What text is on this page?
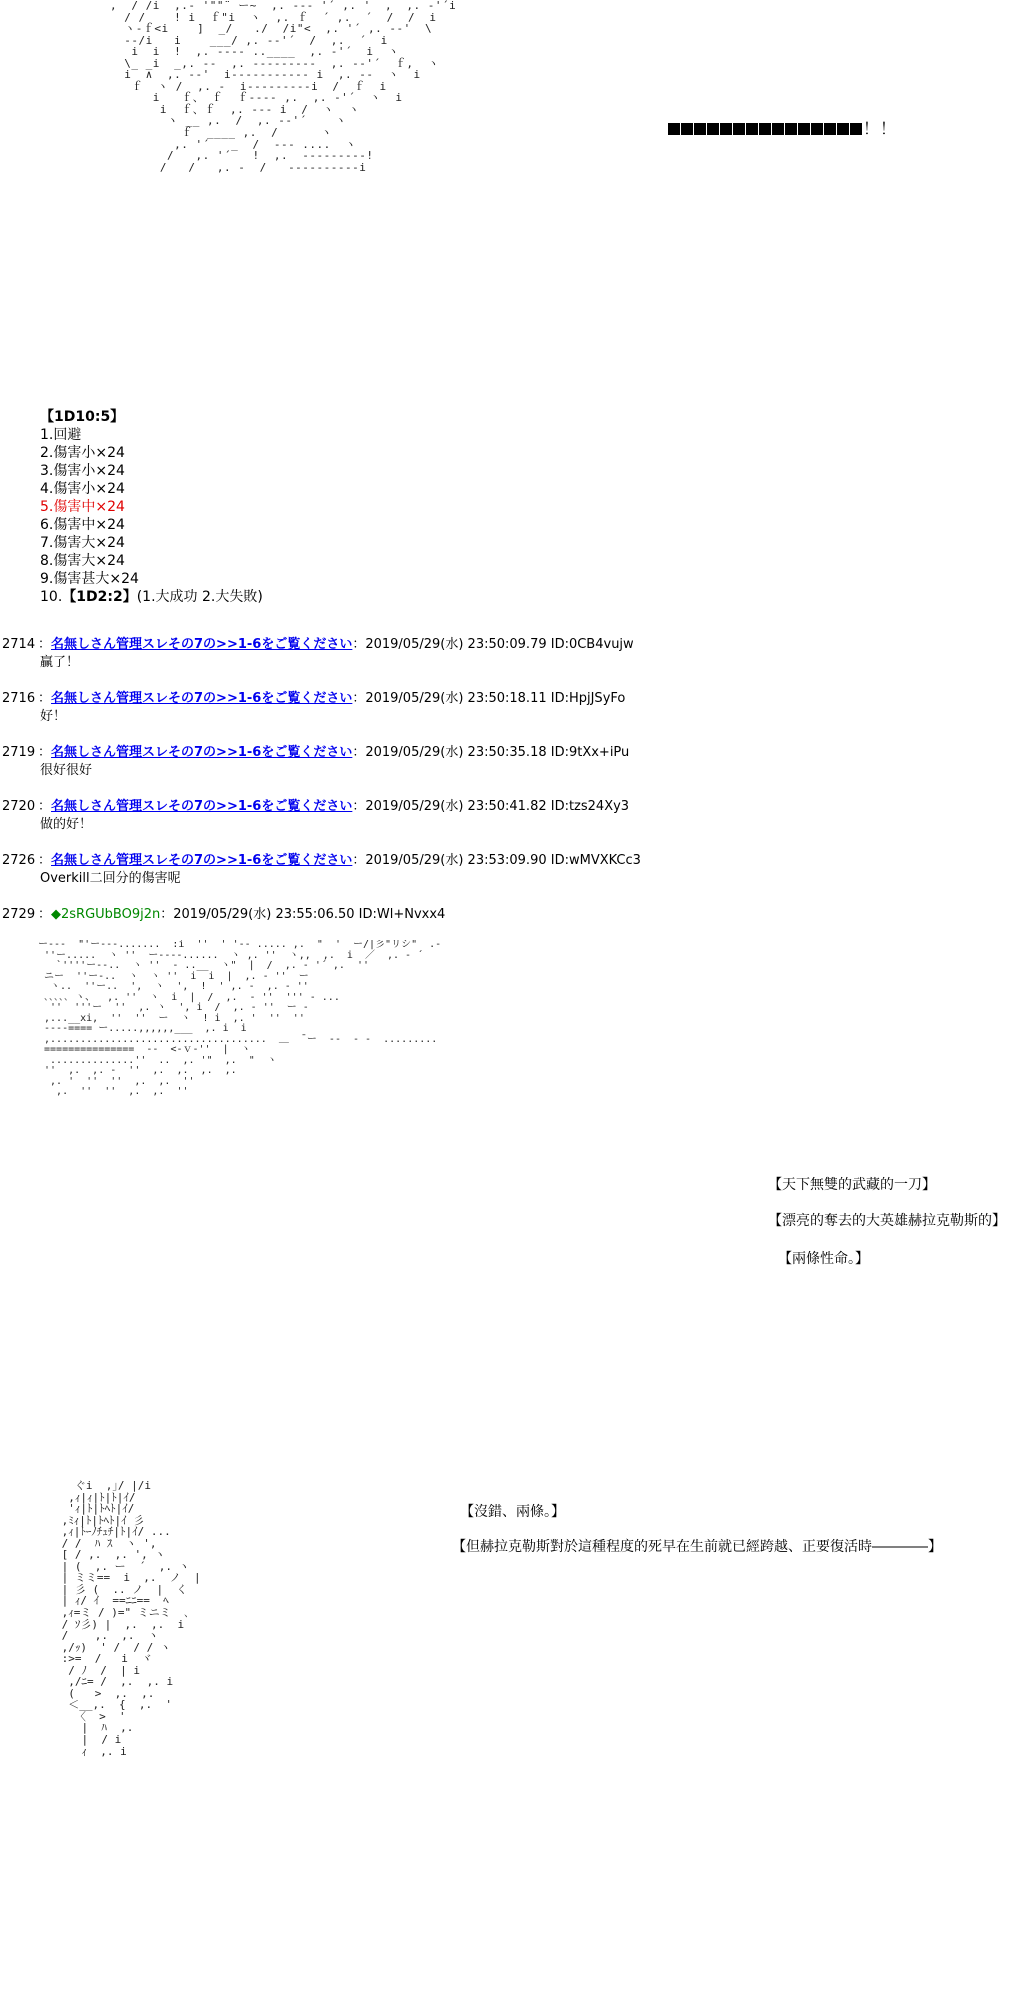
,  / /i  ,.- '""¨ ー~  ,. --‐ '´ ,. '  ,  ,. ‐'´i
/ /    ! i  ｆ"i  ヽ  ,. ｆ  ´ ,.  ´  /  /  i
ヽ-ｆ<i    ]  _/   ./  /i"<  ,. '´ ,. -‐'  \
--/i   i    ___/ ,. -‐'´  /  ,.  ´  i
i  i  !  ,. ---- ..____  ,. ‐'´  i  ヽ
\_ _i  _,. -‐  ,. ---------  ,. -‐'´  ｆ,  ヽ
i  ∧  ,. -‐'  i----------- i  ,. -‐  ヽ  i
ｆ  ヽ /  ,. ‐  i---------i  /  ｆ  i
i   ｆ、 ｆ  ｆ---- ,.  ,. -'´  ヽ  i
i  ｆ、ｆ  ,. --- i  /  ヽ  ヽ
ヽ __ ,.  /  ,. -‐'´    ヽ
ｆ  ____ ,.  /      ヽ
,. '´   _  /  --- ....  ヽ
/   ,. '´   !  ,.  ---------!
/   /   ,. ‐  /   ----------i
！！
【1D10:5】
1.回避
2.傷害小×24
3.傷害小×24
4.傷害小×24
5.傷害中×24
6.傷害中×24
7.傷害大×24
8.傷害大×24
9.傷害甚大×24
10.【1D2:2】(1.大成功 2.大失敗)
2714 ：名無しさん管理スレその7の>>1-6をご覧ください：2019/05/29(水) 23:50:09.79 ID:0CB4vujw
贏了！
2716 ：名無しさん管理スレその7の>>1-6をご覧ください：2019/05/29(水) 23:50:18.11 ID:HpjJSyFo
好！
2719 ：名無しさん管理スレその7の>>1-6をご覧ください：2019/05/29(水) 23:50:35.18 ID:9tXx+iPu
很好很好
2720 ：名無しさん管理スレその7の>>1-6をご覧ください：2019/05/29(水) 23:50:41.82 ID:tzs24Xy3
做的好！
2726 ：名無しさん管理スレその7の>>1-6をご覧ください：2019/05/29(水) 23:53:09.90 ID:wMVXKCc3
Overkill二回分的傷害呢
2729 ：◆2sRGUbBO9j2n：2019/05/29(水) 23:55:06.50 ID:Wl+Nvxx4
ー---  ̄"'ー---.......  :i  ''  ' '-‐ ..... ,.  "  '  ー/|彡"リシ"  .-
''ー.....  ヽ ''  ー‐---......  ヽ ,. ''  ヽ,,  ,.  i  ／  ,. ‐ ´
`''''ー--..  ヽ ''  - ..__  ヽ"  |  /  ,. ‐ '´ ,.  ''
ニー  ''ー-..  ヽ  ヽ ''  i  i  |  ,. ‐ ''  ー
ヽ..  ''ー..  ',  ヽ  ',  !  ' ,. ‐  ,. ‐ ''
､､､､､ ヽ、  ,. ''  ヽ  i  |  /  ,.  ‐ ''  ''' ‐ ...
''  '''ー  ''  ,. ヽ  ', i  /  ,. ‐ ''  ー -
,...__xi,  ''  ''  ー  ヽ  ! i  ,. '  ''  ''
----==== ー.....,,,,,,___  ,. i  i
,....................................  ＿  ̄ ー  --  - -  .........
===============  --  <-ｖ-''  |  ヽ
..............''  ..  ,. '"  ,.  "  ヽ
''  ,.  ,. -  ''  ,.  ,.  ,.  ,.
,. '  ''  ''  ,.  ,.  ''
,.  ''  ''  ,.  ,.  ''
【天下無雙的武藏的一刀】
【漂亮的奪去的大英雄赫拉克勒斯的】
【兩條性命。】
ぐi  ,｣/ |/i
,ｨ|ｨ|ﾄ|ﾄ|ｲ/
'ｨ|ﾄ|ﾄﾍﾄ|ｲ/
,ﾐｨ|ﾄ|ﾄﾍﾄ|ｲ 彡
,ｨ|ﾄｰﾉﾁｭﾁ|ﾄ|ｲ/ ...
/ /  ﾊ ｽ  ヽ ',
[ / ,.  ,. ', ヽ
| (  ,. ー  ´  ,. ヽ
| ミミ==  i  ,.  ノ  |
| 彡 (  .. ノ  |  く
| ｨ/ ｲ  ==ﾆﾆ==  ﾍ
,ｨ=ミ / )=" ミニミ  ､
/ ｿ彡) |  ,.  ,.  i
/    ,.  ,.  ヽ
,/ｯ)  ' /  / / ヽ
:>=  /   i  ヾ
/ ﾉ  /  | i
,/ﾆ= /  ,.  ,. i
(   >  ,.  ,.
＜__,.  {  ,.  '
〈  >  '
|  ﾊ  ,.
|  / i
ｨ  ,. i
【沒錯、兩條。】
【但赫拉克勒斯對於這種程度的死早在生前就已經跨越、正要復活時――――】
